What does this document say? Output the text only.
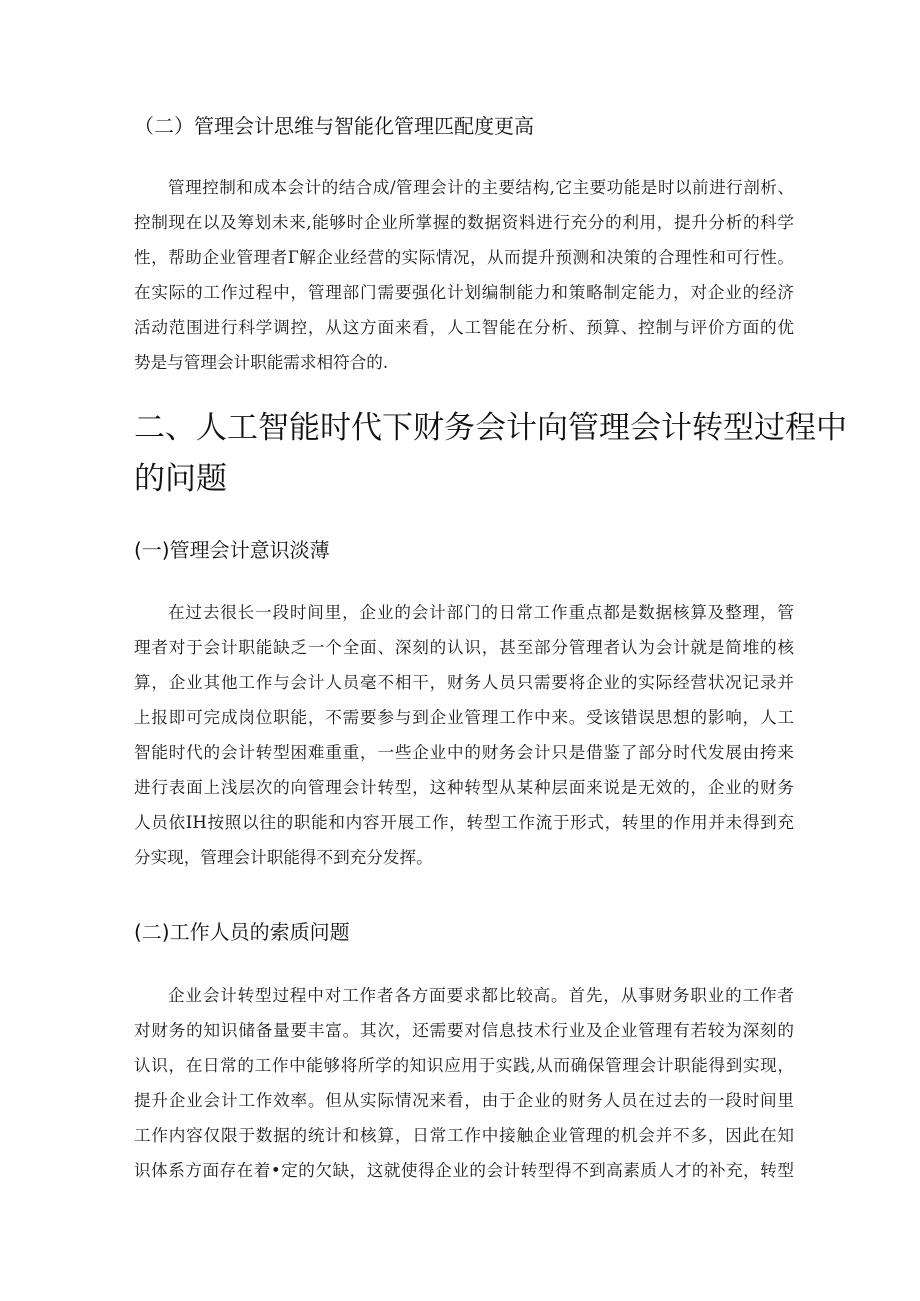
（二）管理会计思维与智能化管理匹配度更高
管理控制和成本会计的结合成/管理会计的主要结构,它主要功能是时以前进行剖析、
控制现在以及筹划未来,能够时企业所掌握的数据资料进行充分的利用，提升分析的科学
性，帮助企业管理者Г解企业经营的实际情况，从而提升预测和决策的合理性和可行性。
在实际的工作过程中，管理部门需要强化计划编制能力和策略制定能力，对企业的经济
活动范围进行科学调控，从这方面来看，人工智能在分析、预算、控制与评价方面的优
势是与管理会计职能需求相符合的.
二、人工智能时代下财务会计向管理会计转型过程中
的问题
(一)管理会计意识淡薄
在过去很长一段时间里，企业的会计部门的日常工作重点都是数据核算及整理，管
理者对于会计职能缺乏一个全面、深刻的认识，甚至部分管理者认为会计就是简堆的核
算，企业其他工作与会计人员毫不相干，财务人员只需要将企业的实际经营状况记录并
上报即可完成岗位职能，不需要参与到企业管理工作中来。受该错误思想的影响，人工
智能时代的会计转型困难重重，一些企业中的财务会计只是借鉴了部分时代发展由挎来
进行表面上浅层次的向管理会计转型，这种转型从某种层面来说是无效的，企业的财务
人员依IH按照以往的职能和内容开展工作，转型工作流于形式，转里的作用并未得到充
分实现，管理会计职能得不到充分发挥。
(二)工作人员的索质问题
企业会计转型过程中对工作者各方面要求都比较高。首先，从事财务职业的工作者
对财务的知识储备量要丰富。其次，还需要对信息技术行业及企业管理有若较为深刻的
认识，在日常的工作中能够将所学的知识应用于实践,从而确保管理会计职能得到实现，
提升企业会计工作效率。但从实际情况来看，由于企业的财务人员在过去的一段时间里
工作内容仅限于数据的统计和核算，日常工作中接触企业管理的机会并不多，因此在知
识体系方面存在着•定的欠缺，这就使得企业的会计转型得不到高素质人才的补充，转型
